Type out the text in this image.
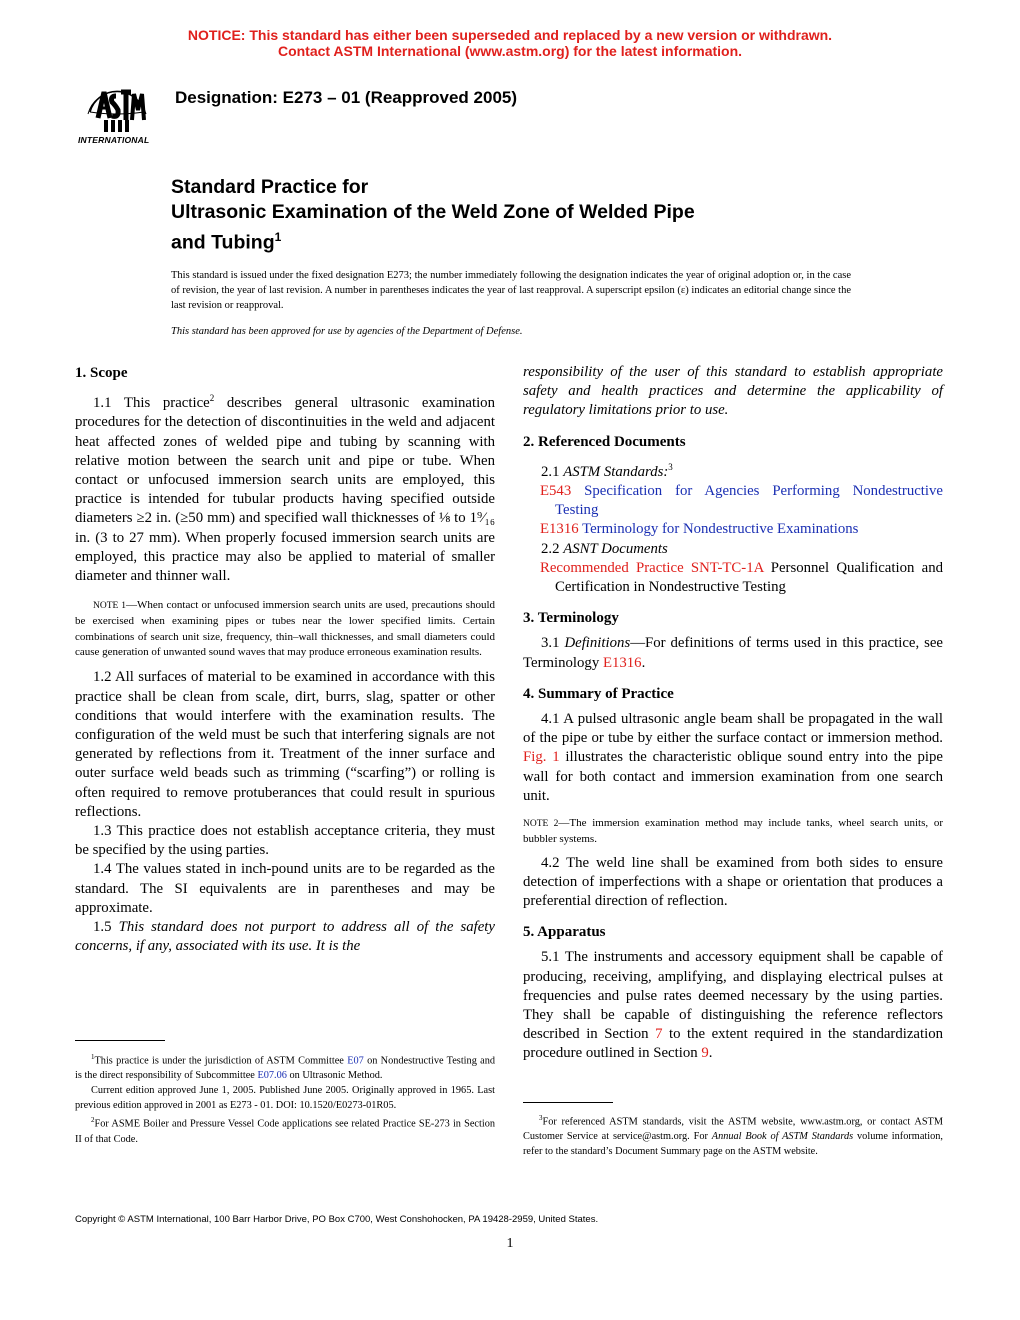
NOTICE: This standard has either been superseded and replaced by a new version or withdrawn.
Contact ASTM International (www.astm.org) for the latest information.
INTERNATIONAL
Designation: E273 – 01 (Reapproved 2005)
Standard Practice for
Ultrasonic Examination of the Weld Zone of Welded Pipe
and Tubing$^1$
This standard is issued under the fixed designation E273; the number immediately following the designation indicates the year of original adoption or, in the case of revision, the year of last revision. A number in parentheses indicates the year of last reapproval. A superscript epsilon (ε) indicates an editorial change since the last revision or reapproval.
This standard has been approved for use by agencies of the Department of Defense.
1. Scope

1.1 This practice$^2$ describes general ultrasonic examination procedures for the detection of discontinuities in the weld and adjacent heat affected zones of welded pipe and tubing by scanning with relative motion between the search unit and pipe or tube. When contact or unfocused immersion search units are employed, this practice is intended for tubular products having specified outside diameters ≥2 in. (≥50 mm) and specified wall thicknesses of ⅛ to 1⁹⁄₁₆ in. (3 to 27 mm). When properly focused immersion search units are employed, this practice may also be applied to material of smaller diameter and thinner wall.

NOTE 1—When contact or unfocused immersion search units are used, precautions should be exercised when examining pipes or tubes near the lower specified limits. Certain combinations of search unit size, frequency, thin–wall thicknesses, and small diameters could cause generation of unwanted sound waves that may produce erroneous examination results.

1.2 All surfaces of material to be examined in accordance with this practice shall be clean from scale, dirt, burrs, slag, spatter or other conditions that would interfere with the examination results. The configuration of the weld must be such that interfering signals are not generated by reflections from it. Treatment of the inner surface and outer surface weld beads such as trimming (“scarfing”) or rolling is often required to remove protuberances that could result in spurious reflections.

1.3 This practice does not establish acceptance criteria, they must be specified by the using parties.

1.4 The values stated in inch-pound units are to be regarded as the standard. The SI equivalents are in parentheses and may be approximate.

1.5 This standard does not purport to address all of the safety concerns, if any, associated with its use. It is the

$^1$This practice is under the jurisdiction of ASTM Committee E07 on Nondestructive Testing and is the direct responsibility of Subcommittee E07.06 on Ultrasonic Method.

Current edition approved June 1, 2005. Published June 2005. Originally approved in 1965. Last previous edition approved in 2001 as E273 - 01. DOI: 10.1520/E0273-01R05.

$^2$For ASME Boiler and Pressure Vessel Code applications see related Practice SE-273 in Section II of that Code.

responsibility of the user of this standard to establish appropriate safety and health practices and determine the applicability of regulatory limitations prior to use.

2. Referenced Documents

2.1 ASTM Standards:$^3$

E543 Specification for Agencies Performing Nondestructive Testing

E1316 Terminology for Nondestructive Examinations

2.2 ASNT Documents

Recommended Practice SNT-TC-1A Personnel Qualification and Certification in Nondestructive Testing

3. Terminology

3.1 Definitions—For definitions of terms used in this practice, see Terminology E1316.

4. Summary of Practice

4.1 A pulsed ultrasonic angle beam shall be propagated in the wall of the pipe or tube by either the surface contact or immersion method. Fig. 1 illustrates the characteristic oblique sound entry into the pipe wall for both contact and immersion examination from one search unit.

NOTE 2—The immersion examination method may include tanks, wheel search units, or bubbler systems.

4.2 The weld line shall be examined from both sides to ensure detection of imperfections with a shape or orientation that produces a preferential direction of reflection.

5. Apparatus

5.1 The instruments and accessory equipment shall be capable of producing, receiving, amplifying, and displaying electrical pulses at frequencies and pulse rates deemed necessary by the using parties. They shall be capable of distinguishing the reference reflectors described in Section 7 to the extent required in the standardization procedure outlined in Section 9.

$^3$For referenced ASTM standards, visit the ASTM website, www.astm.org, or contact ASTM Customer Service at service@astm.org. For Annual Book of ASTM Standards volume information, refer to the standard’s Document Summary page on the ASTM website.

Copyright © ASTM International, 100 Barr Harbor Drive, PO Box C700, West Conshohocken, PA 19428-2959, United States.
1
